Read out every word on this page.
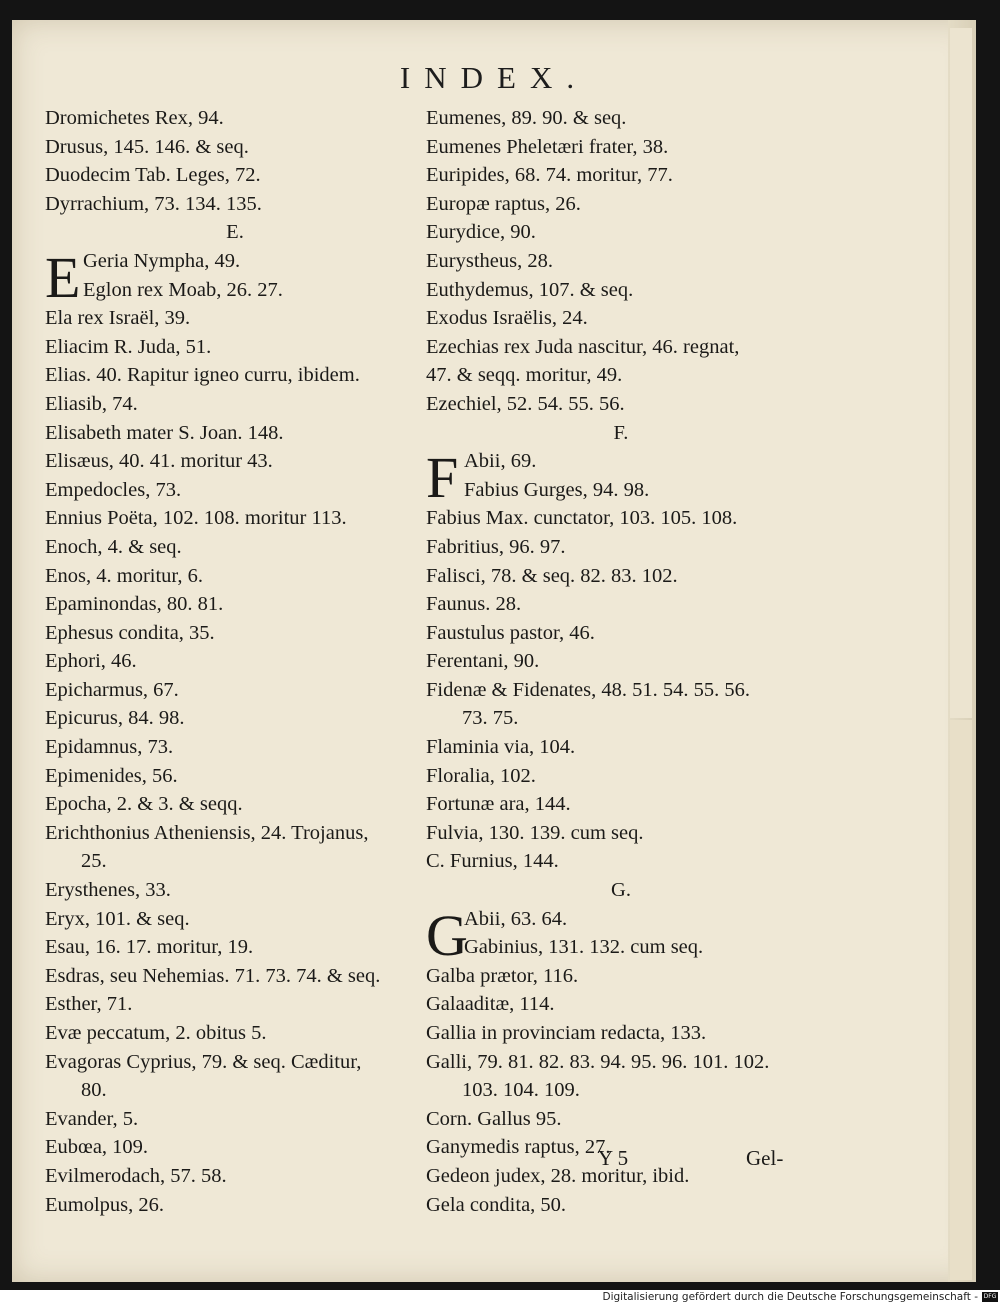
INDEX.
Dromichetes Rex, 94.
Drusus, 145. 146. & seq.
Duodecim Tab. Leges, 72.
Dyrrachium, 73. 134. 135.
E.
Geria Nympha, 49.
E Eglon rex Moab, 26. 27.
Ela rex Israël, 39.
Eliacim R. Juda, 51.
Elias. 40. Rapitur igneo curru, ibidem.
Eliasib, 74.
Elisabeth mater S. Joan. 148.
Elisæus, 40. 41. moritur 43.
Empedocles, 73.
Ennius Poëta, 102. 108. moritur 113.
Enoch, 4. & seq.
Enos, 4. moritur, 6.
Epaminondas, 80. 81.
Ephesus condita, 35.
Ephori, 46.
Epicharmus, 67.
Epicurus, 84. 98.
Epidamnus, 73.
Epimenides, 56.
Epocha, 2. & 3. & seqq.
Erichthonius Atheniensis, 24. Trojanus,
25.
Erysthenes, 33.
Eryx, 101. & seq.
Esau, 16. 17. moritur, 19.
Esdras, seu Nehemias. 71. 73. 74. & seq.
Esther, 71.
Evæ peccatum, 2. obitus 5.
Evagoras Cyprius, 79. & seq. Cæditur,
80.
Evander, 5.
Eubœa, 109.
Evilmerodach, 57. 58.
Eumolpus, 26.
Eumenes, 89. 90. & seq.
Eumenes Pheletæri frater, 38.
Euripides, 68. 74. moritur, 77.
Europæ raptus, 26.
Eurydice, 90.
Eurystheus, 28.
Euthydemus, 107. & seq.
Exodus Israëlis, 24.
Ezechias rex Juda nascitur, 46. regnat,
47. & seqq. moritur, 49.
Ezechiel, 52. 54. 55. 56.
F.
Abii, 69.
F Fabius Gurges, 94. 98.
Fabius Max. cunctator, 103. 105. 108.
Fabritius, 96. 97.
Falisci, 78. & seq. 82. 83. 102.
Faunus. 28.
Faustulus pastor, 46.
Ferentani, 90.
Fidenæ & Fidenates, 48. 51. 54. 55. 56.
73. 75.
Flaminia via, 104.
Floralia, 102.
Fortunæ ara, 144.
Fulvia, 130. 139. cum seq.
C. Furnius, 144.
G.
Abii, 63. 64.
G
Gabinius, 131. 132. cum seq.
Galba prætor, 116.
Galaaditæ, 114.
Gallia in provinciam redacta, 133.
Galli, 79. 81. 82. 83. 94. 95. 96. 101. 102.
103. 104. 109.
Corn. Gallus 95.
Ganymedis raptus, 27.
Gedeon judex, 28. moritur, ibid.
Gela condita, 50.
Y 5	Gel-
Digitalisierung gefördert durch die Deutsche Forschungsgemeinschaft - DFG
